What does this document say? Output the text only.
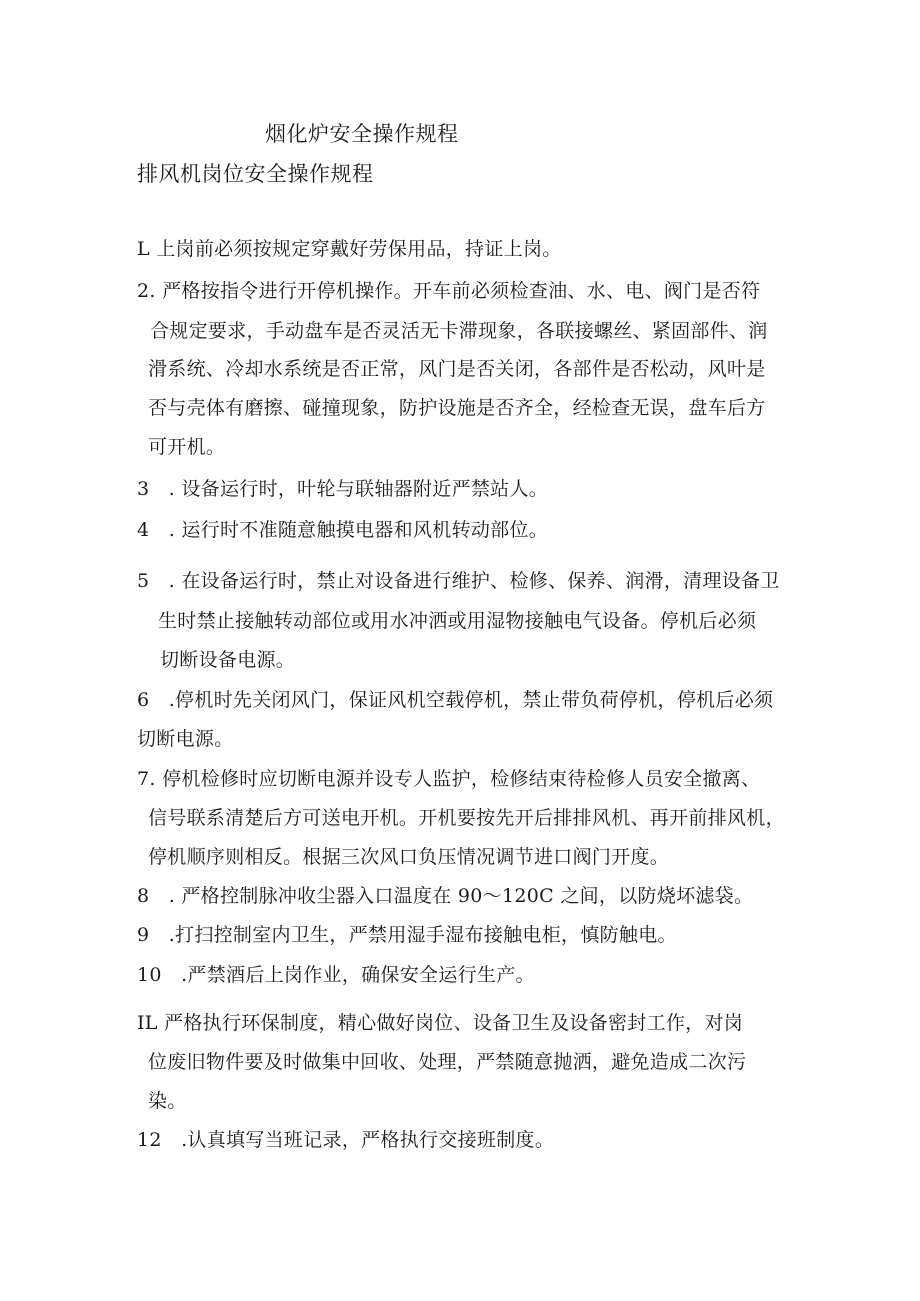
烟化炉安全操作规程
排风机岗位安全操作规程
L 上岗前必须按规定穿戴好劳保用品，持证上岗。
2. 严格按指令进行开停机操作。开车前必须检查油、水、电、阀门是否符
合规定要求，手动盘车是否灵活无卡滞现象，各联接螺丝、紧固部件、润
滑系统、冷却水系统是否正常，风门是否关闭，各部件是否松动，风叶是
否与壳体有磨擦、碰撞现象，防护设施是否齐全，经检查无误，盘车后方
可开机。
3　. 设备运行时，叶轮与联轴器附近严禁站人。
4　. 运行时不准随意触摸电器和风机转动部位。
5　. 在设备运行时，禁止对设备进行维护、检修、保养、润滑，清理设备卫
生时禁止接触转动部位或用水冲洒或用湿物接触电气设备。停机后必须
切断设备电源。
6　.停机时先关闭风门，保证风机空载停机，禁止带负荷停机，停机后必须
切断电源。
7. 停机检修时应切断电源并设专人监护，检修结束待检修人员安全撤离、
信号联系清楚后方可送电开机。开机要按先开后排排风机、再开前排风机，
停机顺序则相反。根据三次风口负压情况调节进口阀门开度。
8　. 严格控制脉冲收尘器入口温度在 90～120C 之间，以防烧坏滤袋。
9　.打扫控制室内卫生，严禁用湿手湿布接触电柜，慎防触电。
10　.严禁酒后上岗作业，确保安全运行生产。
IL 严格执行环保制度，精心做好岗位、设备卫生及设备密封工作，对岗
位废旧物件要及时做集中回收、处理，严禁随意抛洒，避免造成二次污
染。
12　.认真填写当班记录，严格执行交接班制度。
